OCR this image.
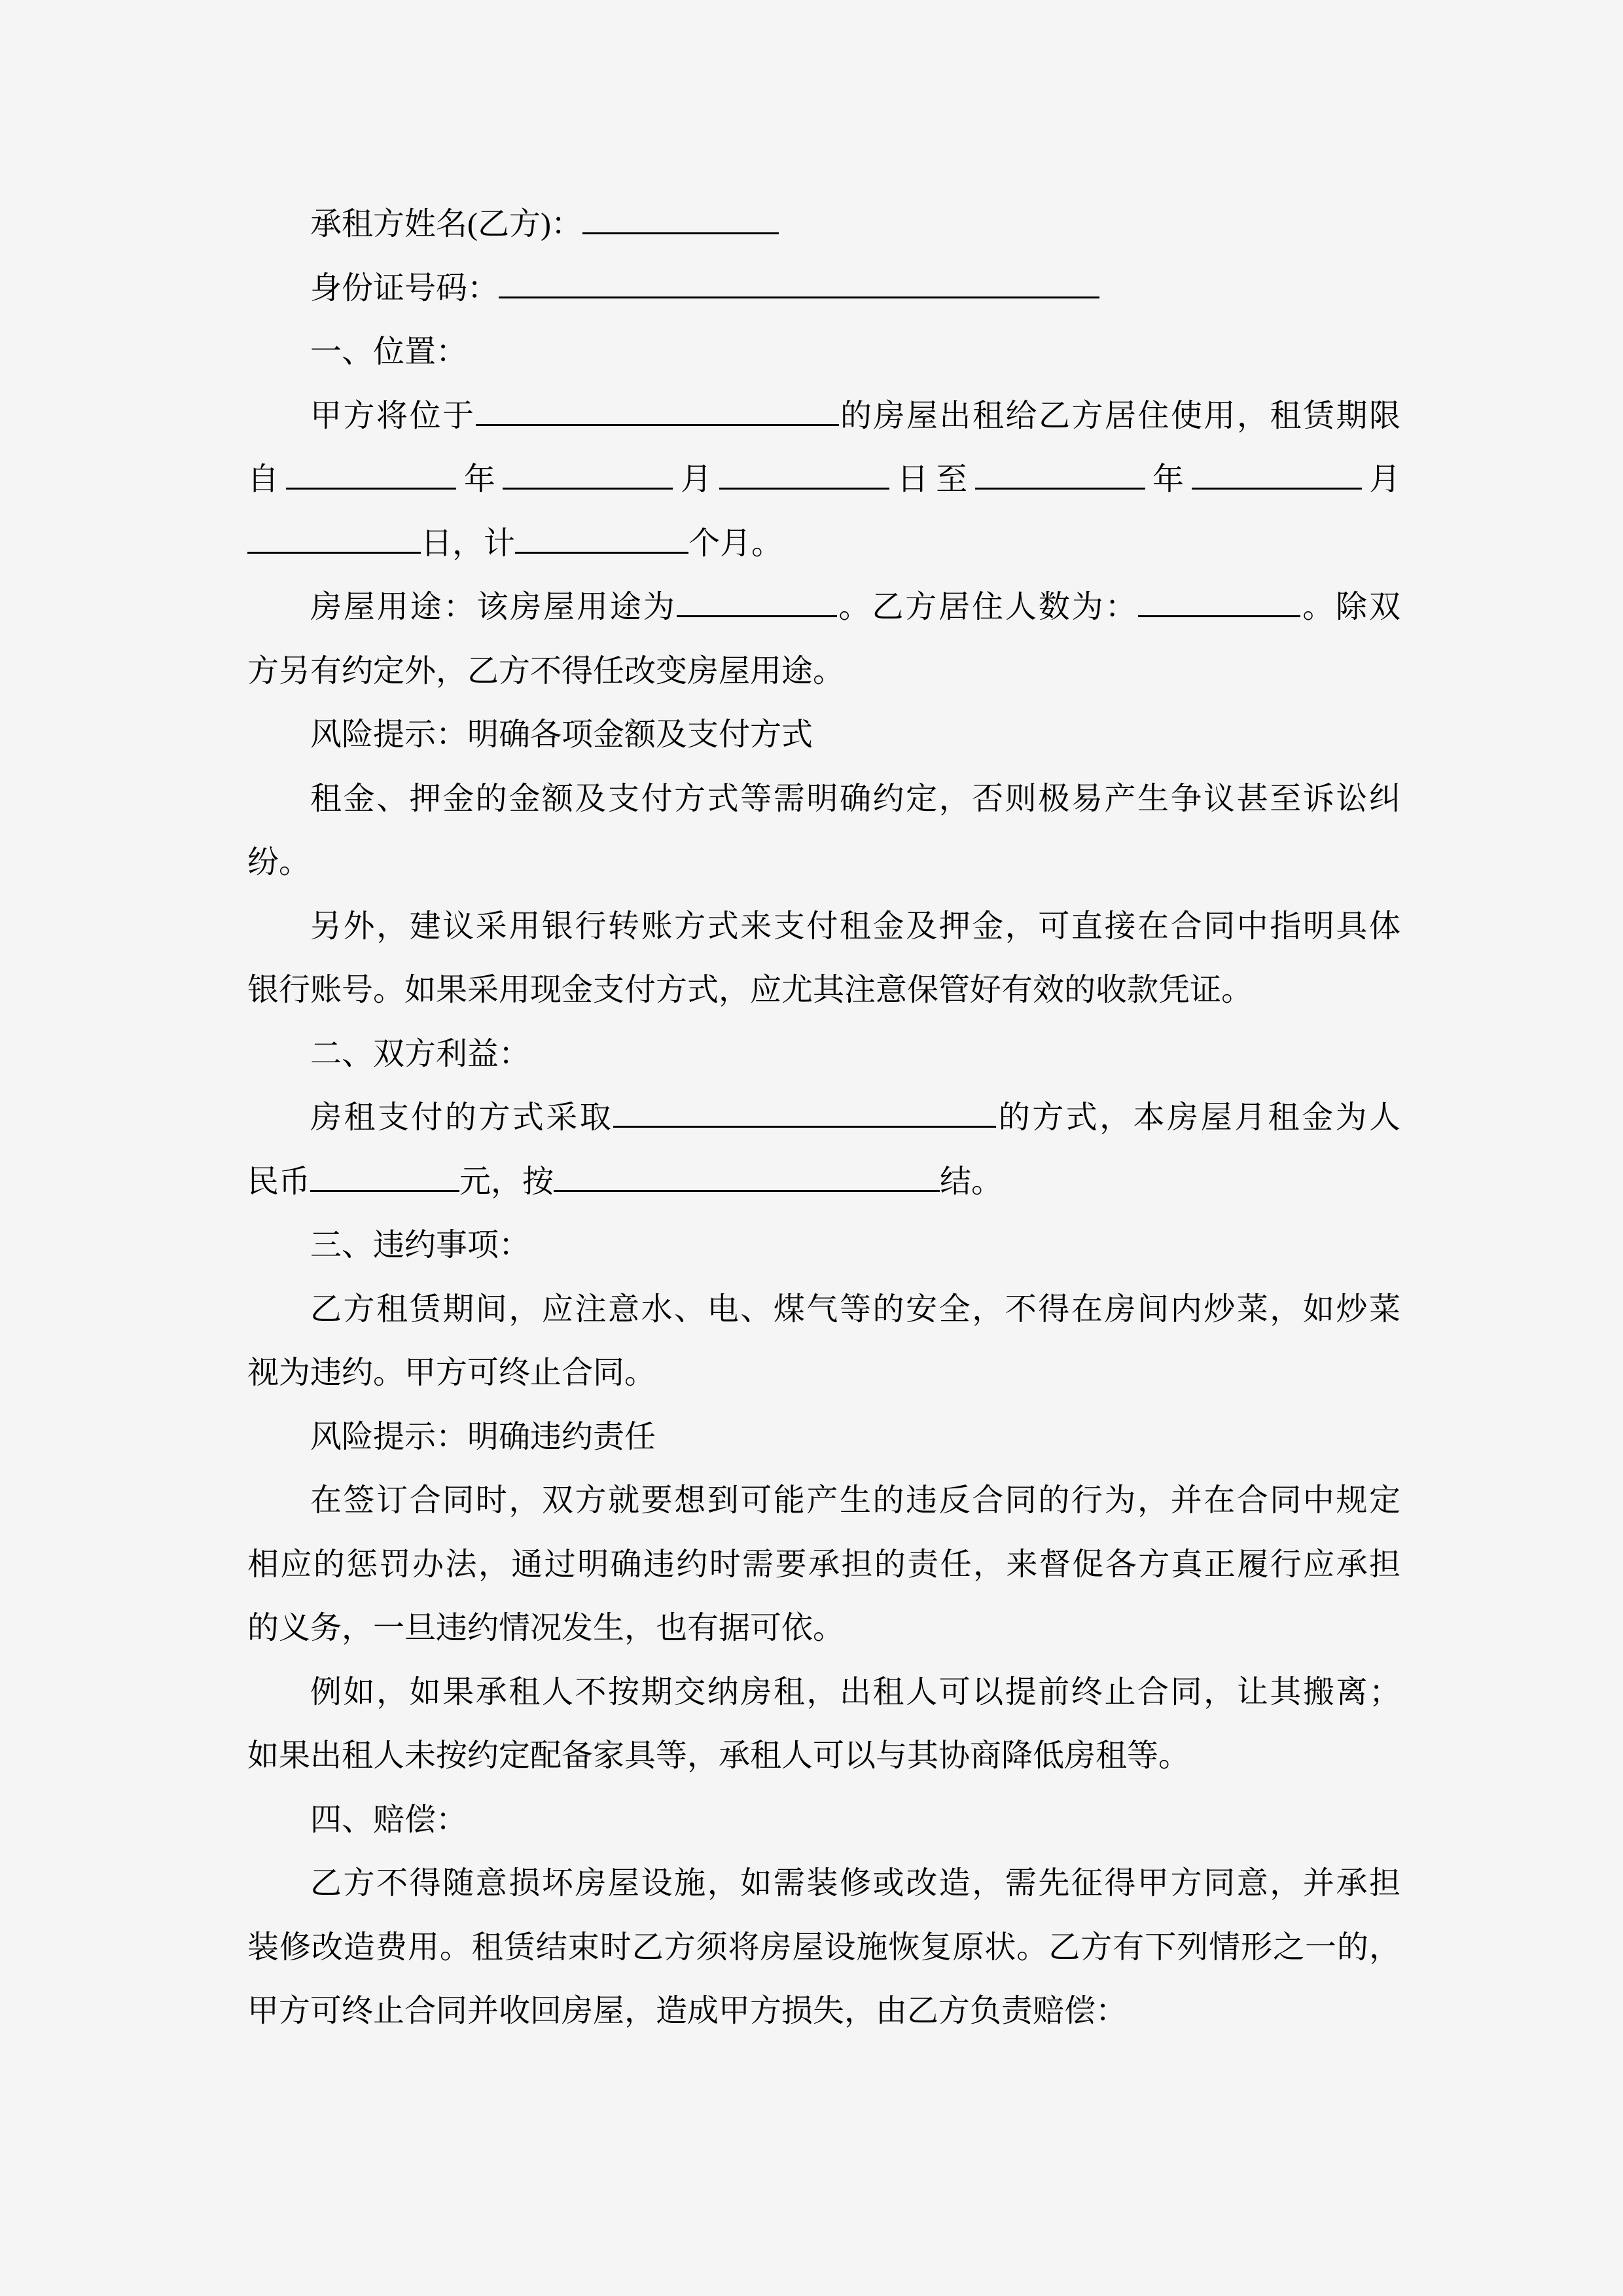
承租方姓名(乙方)：
身份证号码：
一、位置：
甲方将位于	的房屋出租给乙方居住使用，租赁期限
自	年	月	日至	年	月
日，计	个月。
房屋用途：该房屋用途为	。乙方居住人数为：	。除双
方另有约定外，乙方不得任改变房屋用途。
风险提示：明确各项金额及支付方式
租金、押金的金额及支付方式等需明确约定，否则极易产生争议甚至诉讼纠
纷。
另外，建议采用银行转账方式来支付租金及押金，可直接在合同中指明具体
银行账号。如果采用现金支付方式，应尤其注意保管好有效的收款凭证。
二、双方利益：
房租支付的方式采取	的方式，本房屋月租金为人
民币	元，按	结。
三、违约事项：
乙方租赁期间，应注意水、电、煤气等的安全，不得在房间内炒菜，如炒菜
视为违约。甲方可终止合同。
风险提示：明确违约责任
在签订合同时，双方就要想到可能产生的违反合同的行为，并在合同中规定
相应的惩罚办法，通过明确违约时需要承担的责任，来督促各方真正履行应承担
的义务，一旦违约情况发生，也有据可依。
例如，如果承租人不按期交纳房租，出租人可以提前终止合同，让其搬离；
如果出租人未按约定配备家具等，承租人可以与其协商降低房租等。
四、赔偿：
乙方不得随意损坏房屋设施，如需装修或改造，需先征得甲方同意，并承担
装修改造费用。租赁结束时乙方须将房屋设施恢复原状。乙方有下列情形之一的，
甲方可终止合同并收回房屋，造成甲方损失，由乙方负责赔偿：
